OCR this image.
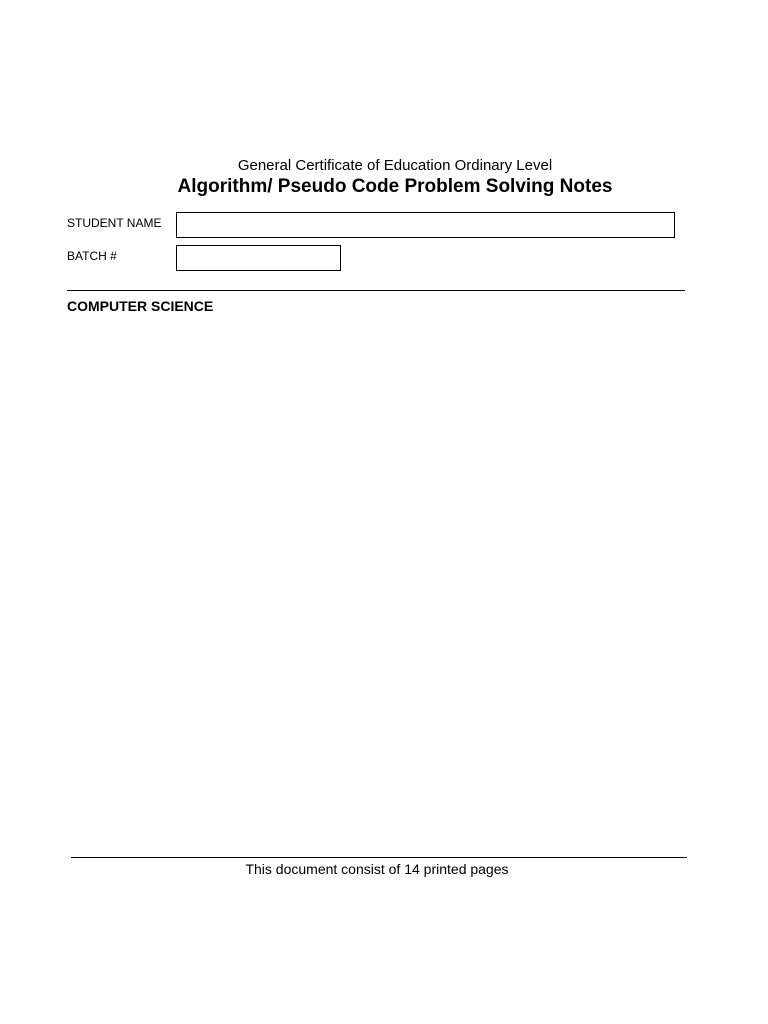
General Certificate of Education Ordinary Level
Algorithm/ Pseudo Code Problem Solving Notes
STUDENT NAME
BATCH #
COMPUTER SCIENCE
This document consist of 14 printed pages
